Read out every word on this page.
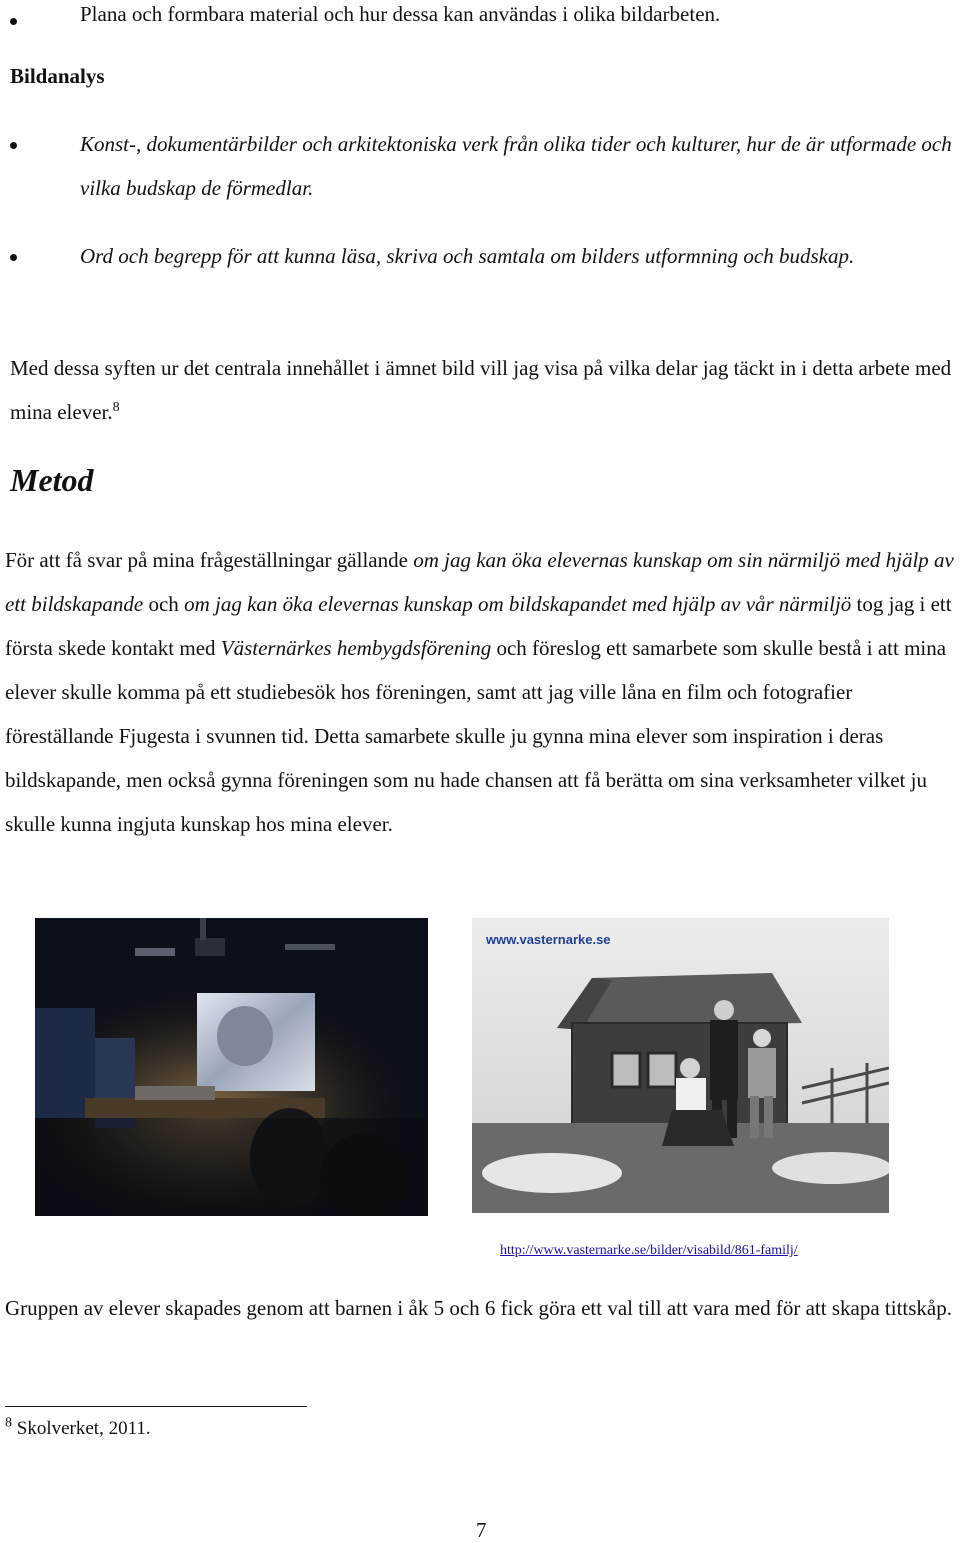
Plana och formbara material och hur dessa kan användas i olika bildarbeten.
Bildanalys
Konst-, dokumentärbilder och arkitektoniska verk från olika tider och kulturer, hur de är utformade och vilka budskap de förmedlar.
Ord och begrepp för att kunna läsa, skriva och samtala om bilders utformning och budskap.
Med dessa syften ur det centrala innehållet i ämnet bild vill jag visa på vilka delar jag täckt in i detta arbete med mina elever.$^8$
Metod
För att få svar på mina frågeställningar gällande om jag kan öka elevernas kunskap om sin närmiljö med hjälp av ett bildskapande och om jag kan öka elevernas kunskap om bildskapandet med hjälp av vår närmiljö tog jag i ett första skede kontakt med Västernärkes hembygdsförening och föreslog ett samarbete som skulle bestå i att mina elever skulle komma på ett studiebesök hos föreningen, samt att jag ville låna en film och fotografier föreställande Fjugesta i svunnen tid. Detta samarbete skulle ju gynna mina elever som inspiration i deras bildskapande, men också gynna föreningen som nu hade chansen att få berätta om sina verksamheter vilket ju skulle kunna ingjuta kunskap hos mina elever.
www.vasternarke.se
http://www.vasternarke.se/bilder/visabild/861-familj/
Gruppen av elever skapades genom att barnen i åk 5 och 6 fick göra ett val till att vara med för att skapa tittskåp.
$^8$ Skolverket, 2011.
7
